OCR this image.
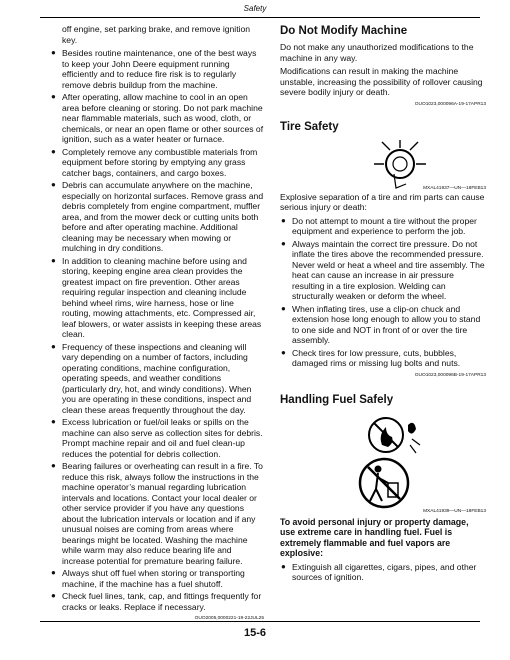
Safety

off engine, set parking brake, and remove ignition key.

● Besides routine maintenance, one of the best ways to keep your John Deere equipment running efficiently and to reduce fire risk is to regularly remove debris buildup from the machine.
● After operating, allow machine to cool in an open area before cleaning or storing. Do not park machine near flammable materials, such as wood, cloth, or chemicals, or near an open flame or other sources of ignition, such as a water heater or furnace.
● Completely remove any combustible materials from equipment before storing by emptying any grass catcher bags, containers, and cargo boxes.
● Debris can accumulate anywhere on the machine, especially on horizontal surfaces. Remove grass and debris completely from engine compartment, muffler area, and from the mower deck or cutting units both before and after operating machine. Additional cleaning may be necessary when mowing or mulching in dry conditions.
● In addition to cleaning machine before using and storing, keeping engine area clean provides the greatest impact on fire prevention. Other areas requiring regular inspection and cleaning include behind wheel rims, wire harness, hose or line routing, mowing attachments, etc. Compressed air, leaf blowers, or water assists in keeping these areas clean.
● Frequency of these inspections and cleaning will vary depending on a number of factors, including operating conditions, machine configuration, operating speeds, and weather conditions (particularly dry, hot, and windy conditions). When you are operating in these conditions, inspect and clean these areas frequently throughout the day.
● Excess lubrication or fuel/oil leaks or spills on the machine can also serve as collection sites for debris. Prompt machine repair and oil and fuel clean-up reduces the potential for debris collection.
● Bearing failures or overheating can result in a fire. To reduce this risk, always follow the instructions in the machine operator’s manual regarding lubrication intervals and locations. Contact your local dealer or other service provider if you have any questions about the lubrication intervals or location and if any unusual noises are coming from areas where bearings might be located. Washing the machine while warm may also reduce bearing life and increase potential for premature bearing failure.
● Always shut off fuel when storing or transporting machine, if the machine has a fuel shutoff.
● Check fuel lines, tank, cap, and fittings frequently for cracks or leaks. Replace if necessary.
OUO2005,0000221-19-22JUL25
Do Not Modify Machine

Do not make any unauthorized modifications to the machine in any way.

Modifications can result in making the machine unstable, increasing the possibility of rollover causing severe bodily injury or death.

OUO1023,000096A-19-17APR13
Tire Safety
MXAL41937—UN—18FEB13

Explosive separation of a tire and rim parts can cause serious injury or death:

● Do not attempt to mount a tire without the proper equipment and experience to perform the job.
● Always maintain the correct tire pressure. Do not inflate the tires above the recommended pressure. Never weld or heat a wheel and tire assembly. The heat can cause an increase in air pressure resulting in a tire explosion. Welding can structurally weaken or deform the wheel.
● When inflating tires, use a clip-on chuck and extension hose long enough to allow you to stand to one side and NOT in front of or over the tire assembly.
● Check tires for low pressure, cuts, bubbles, damaged rims or missing lug bolts and nuts.
OUO1023,000096B-19-17APR13
Handling Fuel Safely
MXAL41939—UN—18FEB13

To avoid personal injury or property damage, use extreme care in handling fuel. Fuel is extremely flammable and fuel vapors are explosive:

● Extinguish all cigarettes, cigars, pipes, and other sources of ignition.
15-6
